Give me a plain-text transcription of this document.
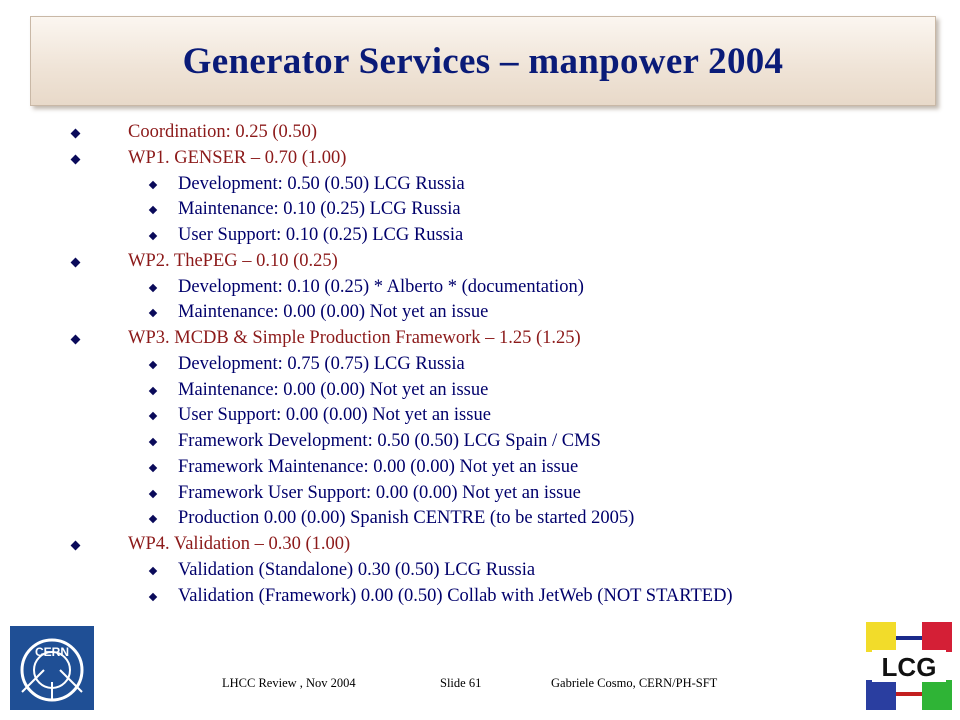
Generator Services – manpower 2004
Coordination: 0.25 (0.50)
WP1. GENSER – 0.70 (1.00)
Development: 0.50 (0.50) LCG Russia
Maintenance: 0.10 (0.25) LCG Russia
User Support: 0.10 (0.25) LCG Russia
WP2. ThePEG – 0.10 (0.25)
Development: 0.10 (0.25) * Alberto * (documentation)
Maintenance: 0.00 (0.00) Not yet an issue
WP3. MCDB & Simple Production Framework – 1.25 (1.25)
Development: 0.75 (0.75) LCG Russia
Maintenance: 0.00 (0.00) Not yet an issue
User Support: 0.00 (0.00) Not yet an issue
Framework Development: 0.50 (0.50) LCG Spain / CMS
Framework Maintenance: 0.00 (0.00) Not yet an issue
Framework User Support: 0.00 (0.00) Not yet an issue
Production 0.00 (0.00) Spanish CENTRE (to be started 2005)
WP4. Validation – 0.30 (1.00)
Validation (Standalone) 0.30 (0.50) LCG Russia
Validation (Framework) 0.00 (0.50) Collab with JetWeb (NOT STARTED)
LHCC Review , Nov 2004	Slide 61	Gabriele Cosmo, CERN/PH-SFT
CERN	LCG
